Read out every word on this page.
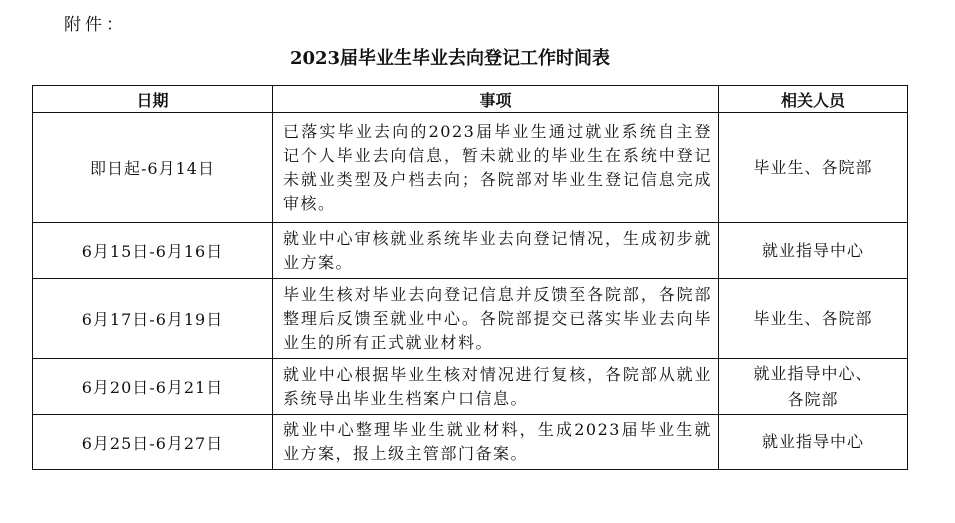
附件：
2023届毕业生毕业去向登记工作时间表
日期	事项	相关人员
即日起-6月14日	已落实毕业去向的2023届毕业生通过就业系统自主登记个人毕业去向信息，暂未就业的毕业生在系统中登记未就业类型及户档去向；各院部对毕业生登记信息完成审核。	毕业生、各院部

6月15日-6月16日	就业中心审核就业系统毕业去向登记情况，生成初步就业方案。	就业指导中心

6月17日-6月19日	毕业生核对毕业去向登记信息并反馈至各院部，各院部整理后反馈至就业中心。各院部提交已落实毕业去向毕业生的所有正式就业材料。	毕业生、各院部

6月20日-6月21日	就业中心根据毕业生核对情况进行复核，各院部从就业系统导出毕业生档案户口信息。	就业指导中心、
各院部

6月25日-6月27日	就业中心整理毕业生就业材料，生成2023届毕业生就业方案，报上级主管部门备案。	就业指导中心
